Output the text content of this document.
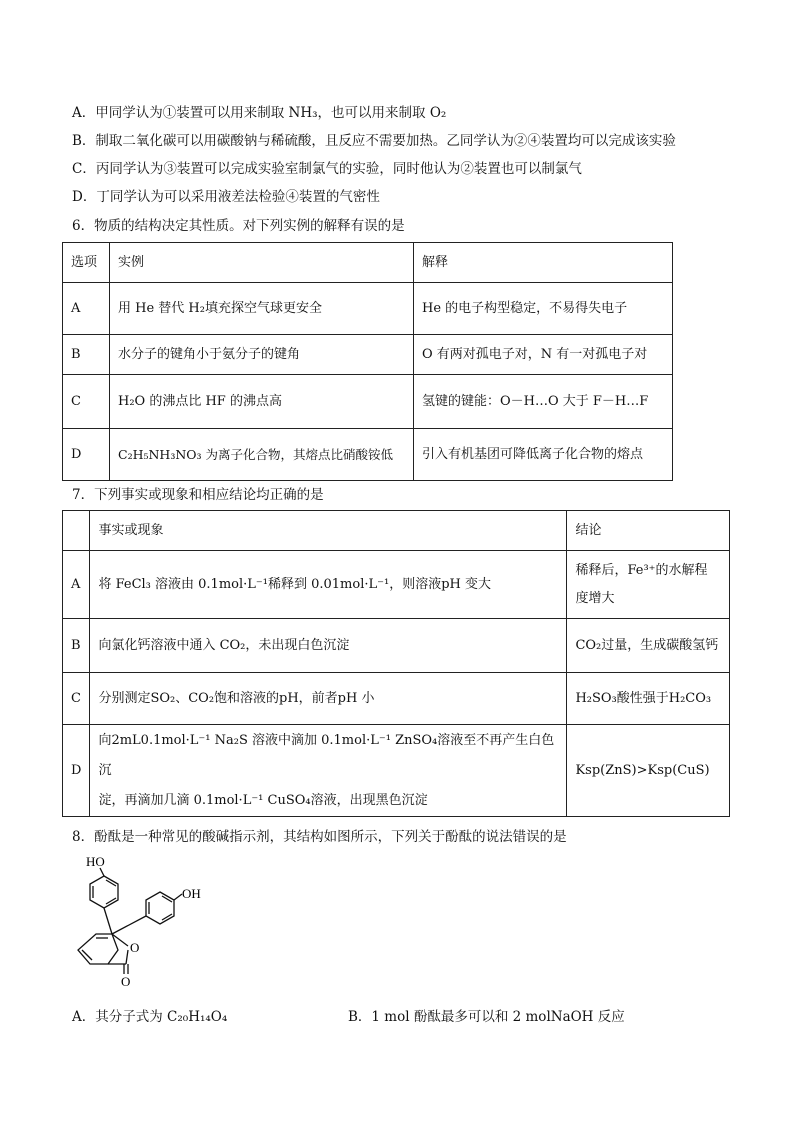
A．甲同学认为①装置可以用来制取 NH₃，也可以用来制取 O₂
B．制取二氧化碳可以用碳酸钠与稀硫酸，且反应不需要加热。乙同学认为②④装置均可以完成该实验
C．丙同学认为③装置可以完成实验室制氯气的实验，同时他认为②装置也可以制氯气
D．丁同学认为可以采用液差法检验④装置的气密性
6．物质的结构决定其性质。对下列实例的解释有误的是
选项	实例	解释
A	用 He 替代 H₂填充探空气球更安全	He 的电子构型稳定，不易得失电子
B	水分子的键角小于氨分子的键角	O 有两对孤电子对，N 有一对孤电子对
C	H₂O 的沸点比 HF 的沸点高	氢键的键能：O－H…O 大于 F－H…F
D	C₂H₅NH₃NO₃ 为离子化合物，其熔点比硝酸铵低	引入有机基团可降低离子化合物的熔点
7．下列事实或现象和相应结论均正确的是
	事实或现象	结论
A	将 FeCl₃ 溶液由 0.1mol·L⁻¹稀释到 0.01mol·L⁻¹，则溶液pH 变大	稀释后，Fe³⁺的水解程
度增大

B	向氯化钙溶液中通入 CO₂，未出现白色沉淀	CO₂过量，生成碳酸氢钙
C	分别测定SO₂、CO₂饱和溶液的pH，前者pH 小	H₂SO₃酸性强于H₂CO₃
D	向2mL0.1mol·L⁻¹ Na₂S 溶液中滴加 0.1mol·L⁻¹ ZnSO₄溶液至不再产生白色沉
淀，再滴加几滴 0.1mol·L⁻¹ CuSO₄溶液，出现黑色沉淀	Ksp(ZnS)>Ksp(CuS)
8．酚酞是一种常见的酸碱指示剂，其结构如图所示，下列关于酚酞的说法错误的是
HO
OH
O
O
A．其分子式为 C₂₀H₁₄O₄	B．1 mol 酚酞最多可以和 2 molNaOH 反应
